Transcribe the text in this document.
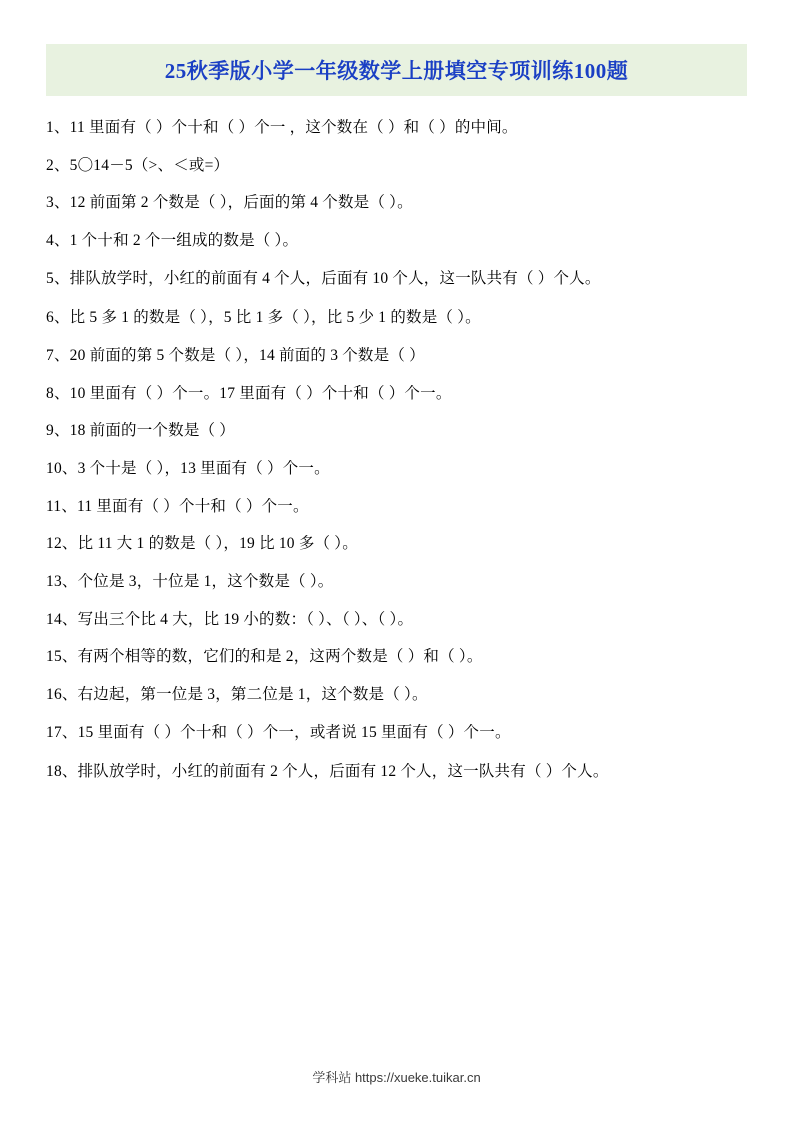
25秋季版小学一年级数学上册填空专项训练100题

1、11 里面有（ ）个十和（ ）个一 ，这个数在（ ）和（ ）的中间。

2、5〇14－5（>、＜或=）

3、12 前面第 2 个数是（ ），后面的第 4 个数是（ ）。

4、1 个十和 2 个一组成的数是（ ）。

5、排队放学时，小红的前面有 4 个人，后面有 10 个人，这一队共有（ ）个人。

6、比 5 多 1 的数是（ ），5 比 1 多（ ），比 5 少 1 的数是（ ）。

7、20 前面的第 5 个数是（ ），14 前面的 3 个数是（ ）

8、10 里面有（ ）个一。17 里面有（ ）个十和（ ）个一。

9、18 前面的一个数是（ ）

10、3 个十是（ ），13 里面有（ ）个一。

11、11 里面有（ ）个十和（ ）个一。

12、比 11 大 1 的数是（ ），19 比 10 多（ ）。

13、个位是 3，十位是 1，这个数是（ ）。

14、写出三个比 4 大，比 19 小的数：（ ）、（ ）、（ ）。

15、有两个相等的数，它们的和是 2，这两个数是（ ）和（ ）。

16、右边起，第一位是 3，第二位是 1，这个数是（ ）。

17、15 里面有（ ）个十和（ ）个一，或者说 15 里面有（ ）个一。

18、排队放学时，小红的前面有 2 个人，后面有 12 个人，这一队共有（ ）个人。

学科站 https://xueke.tuikar.cn
